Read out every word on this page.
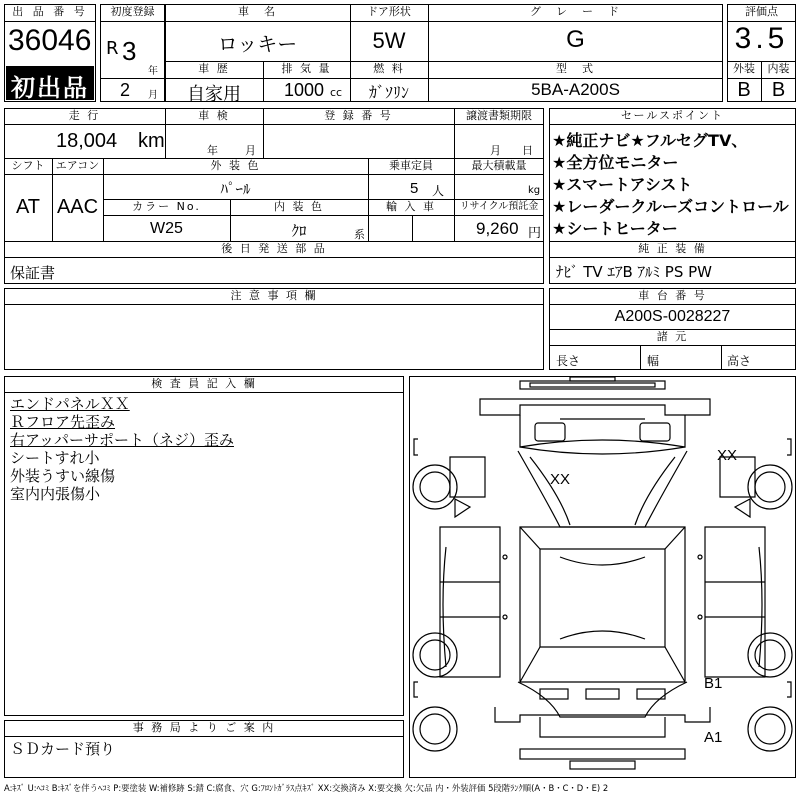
出 品 番 号
36046
初出品
初度登録
R 3
年
2 月
車　名
ロッキー
ドア形状
5W
グ　レ　ー　ド
G
車 歴
自家用
排 気 量
1000 cc
燃 料
ｶﾞｿﾘﾝ
型　式
5BA-A200S
評価点
3.5
外装	内装
B	B
走 行
18,004 km
車 検
年 月
登 録 番 号	譲渡書類期限
月 日
シフト
AT
エアコン
AAC
外 装 色
ﾊﾟｰﾙ
乗車定員
5 人
最大積載量
kg
カラー No.
W25
内 装 色
ｸﾛ	系
輸 入 車	リサイクル預託金
9,260 円
後 日 発 送 部 品
保証書
セールスポイント
★純正ナビ★フルセグTV、
★全方位モニター
★スマートアシスト
★レーダークルーズコントロール
★シートヒーター
純 正 装 備
ﾅﾋﾞ TV ｴｱB ｱﾙﾐ PS PW
注 意 事 項 欄	車 台 番 号
A200S-0028227
諸 元
長さ	幅	高さ
検 査 員 記 入 欄
エンドパネルＸＸ
Ｒフロア先歪み
右アッパーサポート（ネジ）歪み
シートすれ小
外装うすい線傷
室内内張傷小
事 務 局 よ り ご 案 内
ＳＤカード預り
XX
XX
B1
A1
A:ｷｽﾞ U:ﾍｺﾐ B:ｷｽﾞを伴うﾍｺﾐ P:要塗装 W:補修跡 S:錆 C:腐食、穴 G:ﾌﾛﾝﾄｶﾞﾗｽ点ｷｽﾞ XX:交換済み X:要交換 欠:欠品 内・外装評価 5段階ﾗﾝｸ順(A・B・C・D・E) 2
